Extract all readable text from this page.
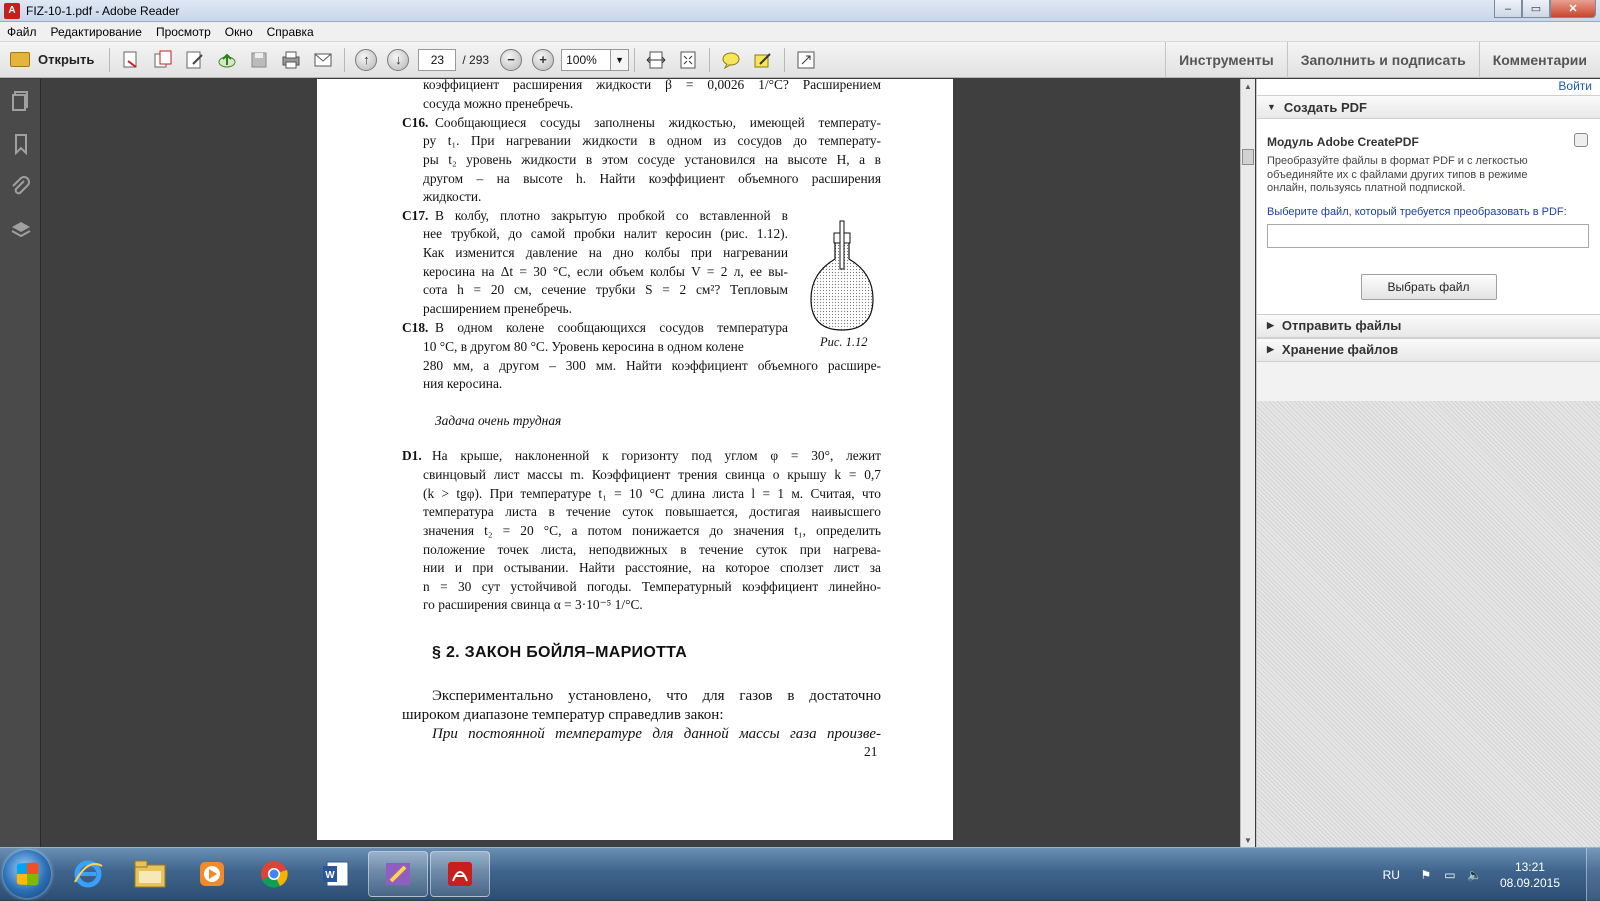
A FIZ-10-1.pdf - Adobe Reader	–	▭	✕
Файл	Редактирование	Просмотр	Окно	Справка
Открыть	↑	↓	23	/ 293	−	+	100%	▼	Инструменты	Заполнить и подписать	Комментарии
коэффициент расширения жидкости β = 0,0026 1/°С? Расширением
сосуда можно пренебречь.
С16. Сообщающиеся сосуды заполнены жидкостью, имеющей температу-
ру t₁. При нагревании жидкости в одном из сосудов до температу-
ры t₂ уровень жидкости в этом сосуде установился на высоте H, а в
другом – на высоте h. Найти коэффициент объемного расширения
жидкости.
С17. В колбу, плотно закрытую пробкой со вставленной в
нее трубкой, до самой пробки налит керосин (рис. 1.12).
Как изменится давление на дно колбы при нагревании
керосина на Δt = 30 °С, если объем колбы V = 2 л, ее вы-
сота h = 20 см, сечение трубки S = 2 см²? Тепловым
расширением пренебречь.
С18. В одном колене сообщающихся сосудов температура
10 °С, в другом 80 °С. Уровень керосина в одном колене
280 мм, а другом – 300 мм. Найти коэффициент объемного расшире-
ния керосина.
Рис. 1.12
Задача очень трудная
D1. На крыше, наклоненной к горизонту под углом φ = 30°, лежит
свинцовый лист массы m. Коэффициент трения свинца о крышу k = 0,7
(k > tgφ). При температуре t₁ = 10 °С длина листа l = 1 м. Считая, что
температура листа в течение суток повышается, достигая наивысшего
значения t₂ = 20 °С, а потом понижается до значения t₁, определить
положение точек листа, неподвижных в течение суток при нагрева-
нии и при остывании. Найти расстояние, на которое сползет лист за
n = 30 сут устойчивой погоды. Температурный коэффициент линейно-
го расширения свинца α = 3·10⁻⁵ 1/°С.
§ 2. ЗАКОН БОЙЛЯ–МАРИОТТА
Экспериментально установлено, что для газов в достаточно
широком диапазоне температур справедлив закон:
При постоянной температуре для данной массы газа произве-
21
▲
▼
Войти
▼ Создать PDF
Модуль Adobe CreatePDF
Преобразуйте файлы в формат PDF и с легкостью объединяйте их с файлами других типов в режиме онлайн, пользуясь платной подпиской.
Выберите файл, который требуется преобразовать в PDF:
Выбрать файл
▶ Отправить файлы
▶ Хранение файлов
W	RU ⚑ ▭ 🔈
13:21
08.09.2015
